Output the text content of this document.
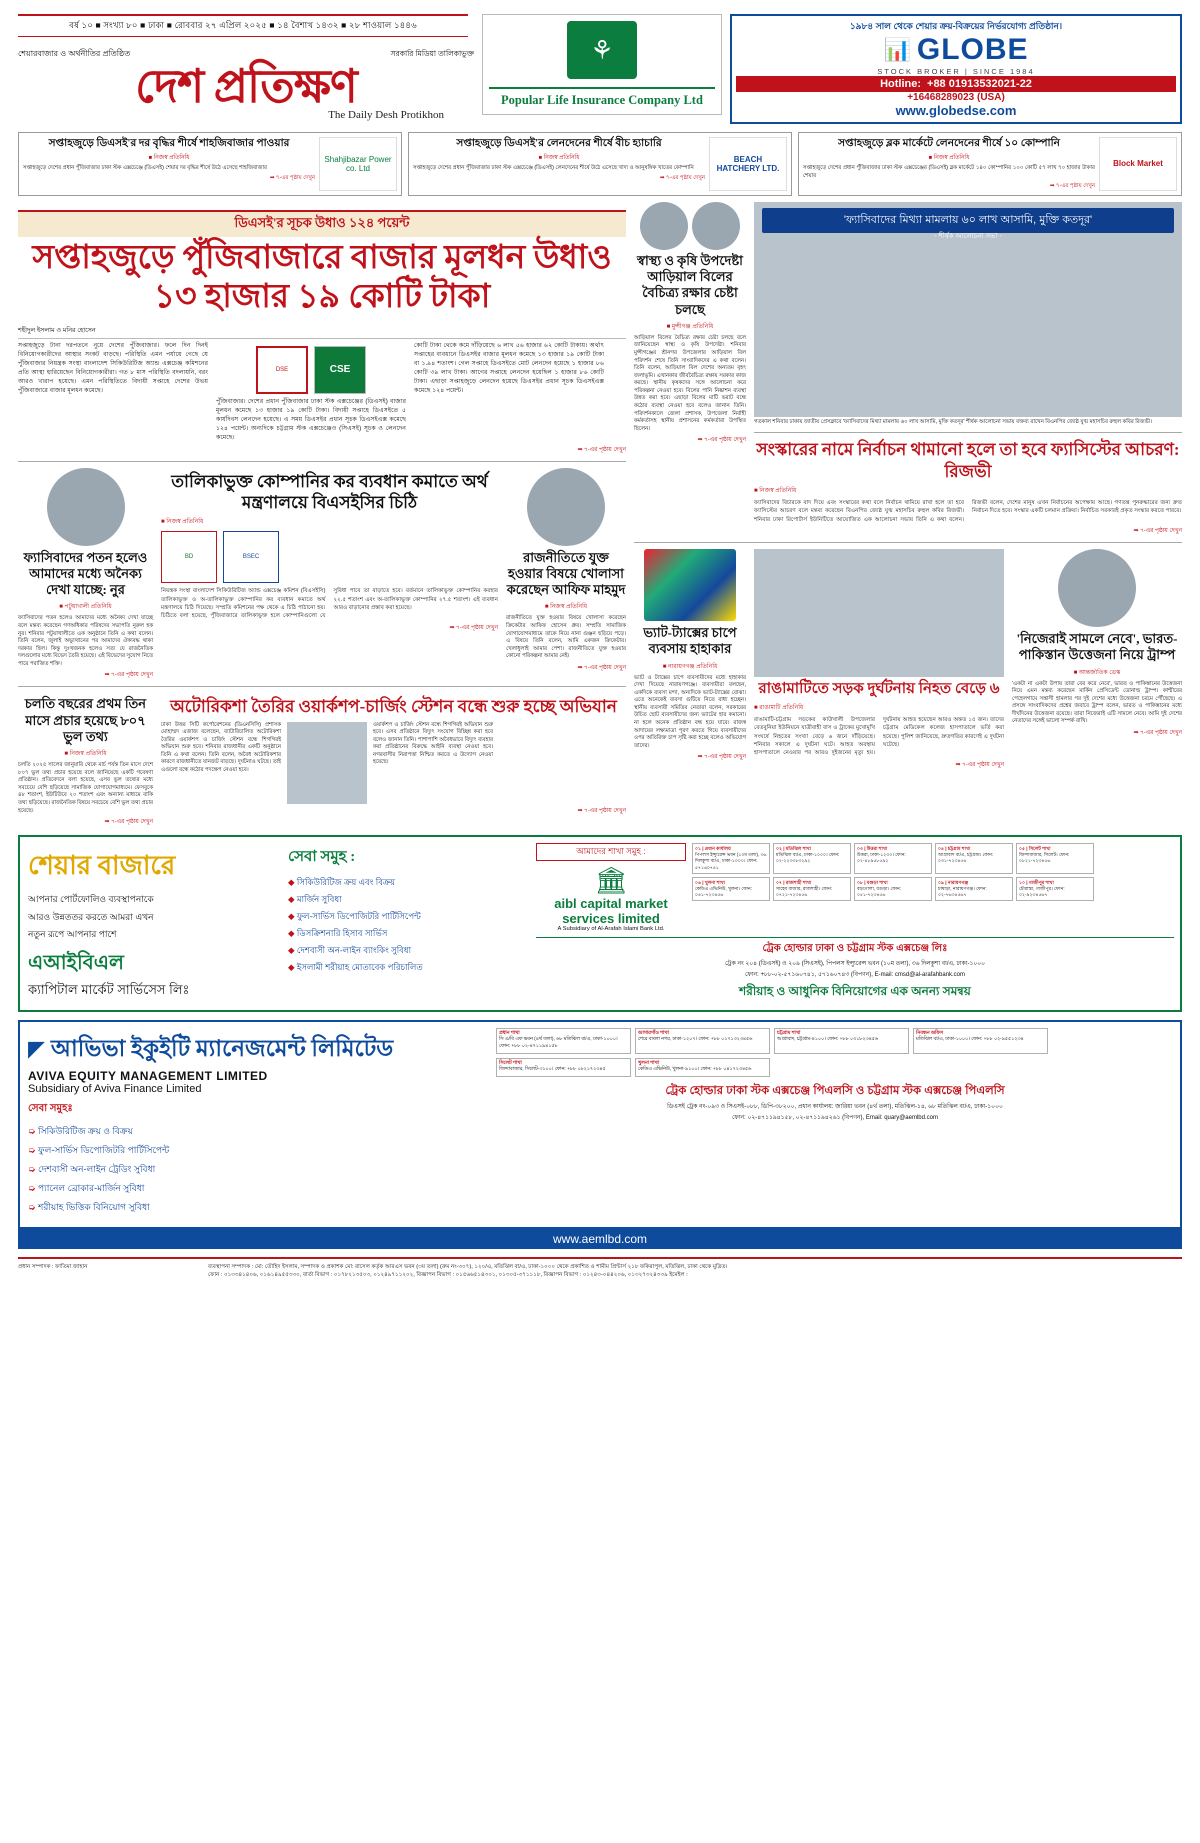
বর্ষ ১০ ■ সংখ্যা ৮০ ■ ঢাকা ■ রোববার ২৭ এপ্রিল ২০২৫ ■ ১৪ বৈশাখ ১৪৩২ ■ ২৮ শাওয়াল ১৪৪৬
শেয়ারবাজার ও অর্থনীতির প্রতিষ্ঠিত	সরকারি মিডিয়া তালিকাভুক্ত
দেশ প্রতিক্ষণ
The Daily Desh Protikhon
⚘
Popular Life Insurance Company Ltd
১৯৮৪ সাল থেকে শেয়ার ক্রয়-বিক্রয়ের নির্ভরযোগ্য প্রতিষ্ঠান।
📊 GLOBE
STOCK BROKER | SINCE 1984
Hotline: +88 01913532021-22
+16468289023 (USA)
www.globedse.com
সপ্তাহজুড়ে ডিএসই'র দর বৃদ্ধির শীর্ষে শাহজিবাজার পাওয়ার
■ নিজস্ব প্রতিনিধি
সপ্তাহজুড়ে দেশের প্রধান পুঁজিবাজার ঢাকা স্টক এক্সচেঞ্জে (ডিএসই) শেয়ার দর বৃদ্ধির শীর্ষে উঠে এসেছে শাহজিবাজার
➡ ৭-এর পৃষ্ঠায় দেখুন
Shahjibazar Power co. Ltd
সপ্তাহজুড়ে ডিএসই'র লেনদেনের শীর্ষে বীচ হ্যাচারি
■ নিজস্ব প্রতিনিধি
সপ্তাহজুড়ে দেশের প্রধান পুঁজিবাজার ঢাকা স্টক এক্সচেঞ্জে (ডিএসই) লেনদেনের শীর্ষে উঠে এসেছে খাদ্য ও আনুষঙ্গিক খাতের কোম্পানি
➡ ৭-এর পৃষ্ঠায় দেখুন
BEACH HATCHERY LTD.
সপ্তাহজুড়ে ব্লক মার্কেটে লেনদেনের শীর্ষে ১০ কোম্পানি
■ নিজস্ব প্রতিনিধি
সপ্তাহজুড়ে দেশের প্রধান পুঁজিবাজার ঢাকা স্টক এক্সচেঞ্জের (ডিএসই) ব্লক মার্কেটে ১৪০ কোম্পানির ১০০ কোটি ৫৭ লাখ ৭০ হাজার টাকার শেয়ার
➡ ৭-এর পৃষ্ঠায় দেখুন
Block Market
ডিএসই'র সূচক উধাও ১২৪ পয়েন্ট
সপ্তাহজুড়ে পুঁজিবাজারে বাজার মূলধন উধাও ১৩ হাজার ১৯ কোটি টাকা
শহীদুল ইসলাম ও মনির হোসেন
সপ্তাহজুড়ে টানা দরপতনে নুয়ে দেশের পুঁজিবাজার। ফলে দিন দিনই বিনিয়োগকারীদের আস্থার সংকট বাড়ছে। পরিস্থিতি এমন পর্যায়ে গেছে যে পুঁজিবাজার নিয়ন্ত্রক সংস্থা বাংলাদেশ সিকিউরিটিজ অ্যান্ড এক্সচেঞ্জ কমিশনের প্রতি আস্থা হারিয়েছেন বিনিয়োগকারীরা। গত ৮ মাস পরিস্থিতি বদলায়নি, বরং আরও খারাপ হয়েছে। এমন পরিস্থিতিতে বিদায়ী সপ্তাহে দেশের উভয় পুঁজিবাজারে বাজার মূলধন কমেছে।
DSE	CSE
পুঁজিবাজার। দেশের প্রধান পুঁজিবাজার ঢাকা স্টক এক্সচেঞ্জের (ডিএসই) বাজার মূলধন কমেছে ১৩ হাজার ১৯ কোটি টাকা। বিদায়ী সপ্তাহে ডিএসইতে ৫ কার্যদিবস লেনদেন হয়েছে। এ সময় ডিএসইর প্রধান সূচক ডিএসইএক্স কমেছে ১২৪ পয়েন্ট। অন্যদিকে চট্টগ্রাম স্টক এক্সচেঞ্জেও (সিএসই) সূচক ও লেনদেন কমেছে।
কোটি টাকা থেকে কমে দাঁড়িয়েছে ৬ লাখ ৫৬ হাজার ৬২ কোটি টাকায়। অর্থাৎ সপ্তাহের ব্যবধানে ডিএসইর বাজার মূলধন কমেছে ১৩ হাজার ১৯ কোটি টাকা বা ১.৯৪ শতাংশ। গেল সপ্তাহে ডিএসইতে মোট লেনদেন হয়েছে ১ হাজার ৮৬ কোটি ৩৯ লাখ টাকা। আগের সপ্তাহে লেনদেন হয়েছিল ১ হাজার ৮৬ কোটি টাকা। এছাড়া সপ্তাহজুড়ে লেনদেন হয়েছে ডিএসইর প্রধান সূচক ডিএসইএক্স কমেছে ১২৪ পয়েন্ট।
➡ ৭-এর পৃষ্ঠায় দেখুন
ফ্যাসিবাদের পতন হলেও আমাদের মধ্যে অনৈক্য দেখা যাচ্ছে: নুর
■ পটুয়াখালী প্রতিনিধি
ফ্যাসিবাদের পতন হলেও আমাদের মধ্যে অনৈক্য দেখা যাচ্ছে বলে মন্তব্য করেছেন গণঅধিকার পরিষদের সভাপতি নুরুল হক নুর। শনিবার পটুয়াখালীতে এক অনুষ্ঠানে তিনি এ কথা বলেন। তিনি বলেন, জুলাই অভ্যুত্থানের পর আমাদের ঐক্যবদ্ধ থাকা দরকার ছিল। কিন্তু দুঃখজনক হলেও সত্য যে রাজনৈতিক দলগুলোর মধ্যে বিভেদ তৈরি হয়েছে। এই বিভেদের সুযোগ নিতে পারে পরাজিত শক্তি।
➡ ৭-এর পৃষ্ঠায় দেখুন
তালিকাভুক্ত কোম্পানির কর ব্যবধান কমাতে অর্থ মন্ত্রণালয়ে বিএসইসির চিঠি
■ নিজস্ব প্রতিনিধি
BD	BSEC
নিয়ন্ত্রক সংস্থা বাংলাদেশ সিকিউরিটিজ অ্যান্ড এক্সচেঞ্জ কমিশন (বিএসইসি) তালিকাভুক্ত ও অ-তালিকাভুক্ত কোম্পানির কর ব্যবধান কমাতে অর্থ মন্ত্রণালয়ে চিঠি দিয়েছে। সম্প্রতি কমিশনের পক্ষ থেকে এ চিঠি পাঠানো হয়। চিঠিতে বলা হয়েছে, পুঁজিবাজারে তালিকাভুক্ত হলে কোম্পানিগুলো যে সুবিধা পাবে তা বাড়াতে হবে। বর্তমানে তালিকাভুক্ত কোম্পানির করহার ২২.৫ শতাংশ এবং অ-তালিকাভুক্ত কোম্পানির ২৭.৫ শতাংশ। এই ব্যবধান আরও বাড়ানোর প্রস্তাব করা হয়েছে।
➡ ৭-এর পৃষ্ঠায় দেখুন
রাজনীতিতে যুক্ত হওয়ার বিষয়ে খোলাসা করেছেন আফিফ মাহমুদ
■ নিজস্ব প্রতিনিধি
রাজনীতিতে যুক্ত হওয়ার বিষয়ে খোলাসা করেছেন ক্রিকেটার আফিফ হোসেন ধ্রুব। সম্প্রতি সামাজিক যোগাযোগমাধ্যমে তাকে নিয়ে নানা গুঞ্জন ছড়িয়ে পড়ে। এ বিষয়ে তিনি বলেন, আমি একজন ক্রিকেটার। খেলাধুলাই আমার পেশা। রাজনীতিতে যুক্ত হওয়ার কোনো পরিকল্পনা আমার নেই।
➡ ৭-এর পৃষ্ঠায় দেখুন
চলতি বছরের প্রথম তিন মাসে প্রচার হয়েছে ৮০৭ ভুল তথ্য
■ নিজস্ব প্রতিনিধি
চলতি ২০২৫ সালের জানুয়ারি থেকে মার্চ পর্যন্ত তিন মাসে দেশে ৮০৭ ভুল তথ্য প্রচার হয়েছে বলে জানিয়েছে একটি গবেষণা প্রতিষ্ঠান। প্রতিবেদনে বলা হয়েছে, এসব ভুল তথ্যের মধ্যে সবচেয়ে বেশি ছড়িয়েছে সামাজিক যোগাযোগমাধ্যমে। ফেসবুকে ৪৮ শতাংশ, ইউটিউবে ২০ শতাংশ এবং অন্যান্য মাধ্যমে বাকি তথ্য ছড়িয়েছে। রাজনৈতিক বিষয়ে সবচেয়ে বেশি ভুল তথ্য প্রচার হয়েছে।
➡ ৭-এর পৃষ্ঠায় দেখুন
অটোরিকশা তৈরির ওয়ার্কশপ-চার্জিং স্টেশন বন্ধে শুরু হচ্ছে অভিযান
ঢাকা উত্তর সিটি কর্পোরেশনের (ডিএনসিসি) প্রশাসক মোহাম্মদ এজাজ বলেছেন, ব্যাটারিচালিত অটোরিকশা তৈরির ওয়ার্কশপ ও চার্জিং স্টেশন বন্ধে শিগগিরই অভিযান শুরু হবে। শনিবার রাজধানীর একটি অনুষ্ঠানে তিনি এ কথা বলেন। তিনি বলেন, অবৈধ অটোরিকশার কারণে রাজধানীতে যানজট বাড়ছে। দুর্ঘটনাও ঘটছে। তাই এগুলো বন্ধে কঠোর পদক্ষেপ নেওয়া হবে।
ওয়ার্কশপ ও চার্জিং স্টেশন বন্ধে শিগগিরই অভিযান শুরু হবে। এসব প্রতিষ্ঠানে বিদ্যুৎ সংযোগ বিচ্ছিন্ন করা হবে বলেও জানান তিনি। পাশাপাশি অবৈধভাবে বিদ্যুৎ ব্যবহার করা প্রতিষ্ঠানের বিরুদ্ধে আইনি ব্যবস্থা নেওয়া হবে। নগরবাসীর নিরাপত্তা নিশ্চিত করতে এ উদ্যোগ নেওয়া হয়েছে।
➡ ৭-এর পৃষ্ঠায় দেখুন
স্বাস্থ্য ও কৃষি উপদেষ্টা আড়িয়াল বিলের বৈচিত্র্য রক্ষার চেষ্টা চলছে
■ মুন্সীগঞ্জ প্রতিনিধি
আড়িয়াল বিলের বৈচিত্র্য রক্ষার চেষ্টা চলছে বলে জানিয়েছেন স্বাস্থ্য ও কৃষি উপদেষ্টা। শনিবার মুন্সীগঞ্জের শ্রীনগর উপজেলার আড়িয়াল বিল পরিদর্শন শেষে তিনি সাংবাদিকদের এ কথা বলেন। তিনি বলেন, আড়িয়াল বিল দেশের অন্যতম বৃহৎ জলাভূমি। এখানকার জীববৈচিত্র্য রক্ষায় সরকার কাজ করছে। স্থানীয় কৃষকদের সঙ্গে আলোচনা করে পরিকল্পনা নেওয়া হবে। বিলের পানি নিষ্কাশন ব্যবস্থা উন্নত করা হবে। এছাড়া বিলের মাটি ভরাট বন্ধে কঠোর ব্যবস্থা নেওয়া হবে বলেও জানান তিনি। পরিদর্শনকালে জেলা প্রশাসক, উপজেলা নির্বাহী কর্মকর্তাসহ স্থানীয় প্রশাসনের কর্মকর্তারা উপস্থিত ছিলেন।
➡ ৭-এর পৃষ্ঠায় দেখুন
'ফ্যাসিবাদের মিথ্যা মামলায় ৬০ লাখ আসামি, মুক্তি কতদূর'
- শীর্ষক আলোচনা সভা -
গতকাল শনিবার ঢাকায় জাতীয় প্রেসক্লাবে 'ফ্যাসিবাদের মিথ্যা মামলায় ৬০ লাখ আসামি, মুক্তি কতদূর' শীর্ষক আলোচনা সভায় বক্তব্য রাখেন বিএনপির জ্যেষ্ঠ যুগ্ম মহাসচিব রুহুল কবির রিজভী।
সংস্কারের নামে নির্বাচন থামানো হলে তা হবে ফ্যাসিস্টের আচরণ: রিজভী
■ নিজস্ব প্রতিনিধি
ফ্যাসিবাদের বিচারকে বাদ দিয়ে এবং সংস্কারের কথা বলে নির্বাচন থামিয়ে রাখা হলে তা হবে ফ্যাসিস্টের আচরণ বলে মন্তব্য করেছেন বিএনপির জ্যেষ্ঠ যুগ্ম মহাসচিব রুহুল কবির রিজভী। শনিবার ঢাকা রিপোর্টার্স ইউনিটিতে আয়োজিত এক আলোচনা সভায় তিনি এ কথা বলেন। রিজভী বলেন, দেশের মানুষ এখন নির্বাচনের অপেক্ষায় আছে। গণতন্ত্র পুনরুদ্ধারের জন্য দ্রুত নির্বাচন দিতে হবে। সংস্কার একটি চলমান প্রক্রিয়া। নির্বাচিত সরকারই প্রকৃত সংস্কার করতে পারবে।
➡ ৭-এর পৃষ্ঠায় দেখুন
ভ্যাট-ট্যাক্সের চাপে ব্যবসায় হাহাকার
■ নারায়ণগঞ্জ প্রতিনিধি
ভ্যাট ও ট্যাক্সের চাপে ব্যবসায়ীদের মধ্যে হাহাকার দেখা দিয়েছে নারায়ণগঞ্জে। ব্যবসায়ীরা বলছেন, একদিকে ব্যবসা মন্দা, অন্যদিকে ভ্যাট-ট্যাক্সের বোঝা। এতে অনেকেই ব্যবসা গুটিয়ে নিতে বাধ্য হচ্ছেন। স্থানীয় ব্যবসায়ী সমিতির নেতারা বলেন, সরকারের উচিত ছোট ব্যবসায়ীদের জন্য ভ্যাটের হার কমানো। না হলে অনেক প্রতিষ্ঠান বন্ধ হয়ে যাবে। রাজস্ব আদায়ের লক্ষ্যমাত্রা পূরণ করতে গিয়ে ব্যবসায়ীদের ওপর অতিরিক্ত চাপ সৃষ্টি করা হচ্ছে বলেও অভিযোগ তাদের।
➡ ৭-এর পৃষ্ঠায় দেখুন
রাঙামাটিতে সড়ক দুর্ঘটনায় নিহত বেড়ে ৬
■ রাঙামাটি প্রতিনিধি
রাঙামাটি-চট্টগ্রাম সড়কের কাউখালী উপজেলার বেতবুনিয়া ইউনিয়নে যাত্রীবাহী বাস ও ট্রাকের মুখোমুখি সংঘর্ষে নিহতের সংখ্যা বেড়ে ৬ জনে দাঁড়িয়েছে। শনিবার সকালে এ দুর্ঘটনা ঘটে। আহত অবস্থায় হাসপাতালে নেওয়ার পর আরও দুইজনের মৃত্যু হয়। দুর্ঘটনায় আহত হয়েছেন আরও অন্তত ১৫ জন। তাদের চট্টগ্রাম মেডিকেল কলেজ হাসপাতালে ভর্তি করা হয়েছে। পুলিশ জানিয়েছে, দ্রুতগতির কারণেই এ দুর্ঘটনা ঘটেছে।
➡ ৭-এর পৃষ্ঠায় দেখুন
'নিজেরাই সামলে নেবে', ভারত-পাকিস্তান উত্তেজনা নিয়ে ট্রাম্প
■ আন্তর্জাতিক ডেস্ক
'একটা না একটা উপায় তারা বের করে নেবে', ভারত ও পাকিস্তানের উত্তেজনা নিয়ে এমন মন্তব্য করেছেন মার্কিন প্রেসিডেন্ট ডোনাল্ড ট্রাম্প। কাশ্মীরের পেহেলগামে সন্ত্রাসী হামলার পর দুই দেশের মধ্যে উত্তেজনা চরমে পৌঁছেছে। এ প্রসঙ্গে সাংবাদিকদের প্রশ্নের জবাবে ট্রাম্প বলেন, ভারত ও পাকিস্তানের মধ্যে দীর্ঘদিনের উত্তেজনা রয়েছে। তারা নিজেরাই এটি সামলে নেবে। আমি দুই দেশের নেতাদের সঙ্গেই ভালো সম্পর্ক রাখি।
➡ ৭-এর পৃষ্ঠায় দেখুন
শেয়ার বাজারে

আপনার পোর্টফোলিও ব্যবস্থাপনাকে

আরও উন্নততর করতে আমরা এখন

নতুন রূপে আপনার পাশে

এআইবিএল
ক্যাপিটাল মার্কেট সার্ভিসেস লিঃ
সেবা সমুহ :
◆ সিকিউরিটিজ ক্রয় এবং বিক্রয়
◆ মার্জিন সুবিধা
◆ ফুল-সার্ভিস ডিপোজিটরি পার্টিসিপেন্ট
◆ ডিসক্রিশনারি হিসাব সার্ভিস
◆ দেশবাসী অন-লাইন ব্যাংকিং সুবিধা
◆ ইসলামী শরীয়াহ মোতাবেক পরিচালিত
আমাদের শাখা সমুহ :
🏛
aibl capital market services limited
A Subsidiary of Al-Arafah Islami Bank Ltd.
০১ | প্রধান কার্যালয়
পিপলস ইন্স্যুরেন্স ভবন (১০ম তলা), ৩৬ দিলকুশা বা/এ, ঢাকা-১০০০। ফোন: ৫৭১৬০৭৪১
০২ | মতিঝিল শাখা
মতিঝিল বা/এ, ঢাকা-১০০০। ফোন: ০২-২২৩৩৮৩২৯২
০৩ | উত্তরা শাখা
উত্তরা, ঢাকা-১২৩০। ফোন: ০২-৪৮৯৫৮৫৯২
০৪ | চট্টগ্রাম শাখা
আগ্রাবাদ বা/এ, চট্টগ্রাম। ফোন: ০৩১-৭২৩৪৫৬
০৫ | সিলেট শাখা
জিন্দাবাজার, সিলেট। ফোন: ০৮২১-৭২৩৪৫৬
০৬ | খুলনা শাখা
কেডিএ এভিনিউ, খুলনা। ফোন: ০৪১-৭২৩৪৫৬
০৭ | রাজশাহী শাখা
সাহেব বাজার, রাজশাহী। ফোন: ০৭২১-৭২৩৪৫৬
০৮ | বগুড়া শাখা
বড়গোলা, বগুড়া। ফোন: ০৫১-৭২৩৪৫৬
০৯ | নারায়ণগঞ্জ
চাষাড়া, নারায়ণগঞ্জ। ফোন: ০২-৭৬৩৪৫৬৭
১০ | গাজীপুর শাখা
চৌরাস্তা, গাজীপুর। ফোন: ০২-৯২৩৪৫৬৭
ট্রেক হোল্ডার ঢাকা ও চট্টগ্রাম স্টক এক্সচেঞ্জ লিঃ
ট্রেক নং ২০৪ (ডিএসই) ও ২০৯ (সিএসই), পিপলস ইন্স্যুরেন্স ভবন (১০ম তলা), ৩৬ দিলকুশা বা/এ, ঢাকা-১০০০
ফোন: +৮৮-০২-৫৭১৬০৭৪১, ৫৭১৬০৭৪৩ (বিপণন), E-mail: cmsd@al-arafahbank.com
শরীয়াহ ও আধুনিক বিনিয়োগের এক অনন্য সমন্বয়
◤ আভিভা ইকুইটি ম্যানেজমেন্ট লিমিটেড
AVIVA EQUITY MANAGEMENT LIMITED
Subsidiary of Aviva Finance Limited
সেবা সমুহঃ
➭ সিকিউরিটিজ ক্রয় ও বিক্রয়
➭ ফুল-সার্ভিস ডিপোজিটরি পার্টিসিপেন্ট
➭ দেশবাসী অন-লাইন ট্রেডিং সুবিধা
➭ প্যানেল ব্রোকার-মার্জিন সুবিধা
➭ শরীয়াহ ভিত্তিক বিনিয়োগ সুবিধা
প্রধান শাখা
সি এ/বি এফ ভবন (৪র্থ তলা), ৬৮ মতিঝিল বা/এ, ঢাকা-১০০০। ফোন: +৮৮ ০২-৪৭১১৯৪১৫৮
আগারগাঁও শাখা
শেরে বাংলা নগর, ঢাকা-১২০৭। ফোন: +৮৮ ০১৭১৩২৩৪৫৬
চট্টগ্রাম শাখা
আগ্রাবাদ, চট্টগ্রাম-৪১০০। ফোন: +৮৮ ০৩১৮২৩৪৫৬
নিবন্ধন অফিস
মতিঝিল বা/এ, ঢাকা-১০০০। ফোন: +৮৮ ০২-৯৫৫১২৩৪
সিলেট শাখা
জিন্দাবাজার, সিলেট-৩১০০। ফোন: +৮৮ ০৮২১৭২৩৪৫
খুলনা শাখা
কেডিএ এভিনিউ, খুলনা-৯১০০। ফোন: +৮৮ ০৪১৭২৩৪৫৬
ট্রেক হোল্ডার ঢাকা স্টক এক্সচেঞ্জ পিএলসি ও চট্টগ্রাম স্টক এক্সচেঞ্জ পিএলসি
ডিএসই ট্রেক নং-০৯৩ ও সিএসই-০৮৮, ডিপি-৩৮২০০, প্রধান কার্যালয়: জারিয়া ভবন (৪র্থ তলা), মতিঝিল-১৪, ৬৮ মতিঝিল বা/এ, ঢাকা-১০০০
ফোন: ০২-৪৭১১৯৪১৫৮, ০২-৪৭১১৯৪২৬১ (বিপণন), Email: quary@aemlbd.com
www.aemlbd.com
প্রধান সম্পাদক : ফাতিমা জাহান	ব্যবস্থাপনা সম্পাদক : মো: তৌহিদ ইসলাম, সম্পাদক ও প্রকাশক মো: রাসেল কর্তৃক আরএস ভবন (৩য় তলা) (রুম নং-৩০৭), ১২০/এ, মতিঝিল বা/এ, ঢাকা-১০০০ থেকে প্রকাশিত ও শামীম প্রিন্টার্স ২১৮ ফকিরাপুল, মতিঝিল, ঢাকা থেকে মুদ্রিত।
ফোন : ০১৩৩৪১৪০৬, ০১৬১৪৯৫৫৩৩০, বার্তা বিভাগ : ০১৭৮২১৩৫০৩, ০১২৪৯৭১১২০২, বিজ্ঞাপন বিভাগ : ০১৫৬৬৫১৪৩০১, ০১৩০৫-৩৭১১১৮, বিজ্ঞাপন বিভাগ : ০১২৪৩-০৪৪২০৬, ০১৩২৭৩২৪৩৩৯ ইমেইল :
